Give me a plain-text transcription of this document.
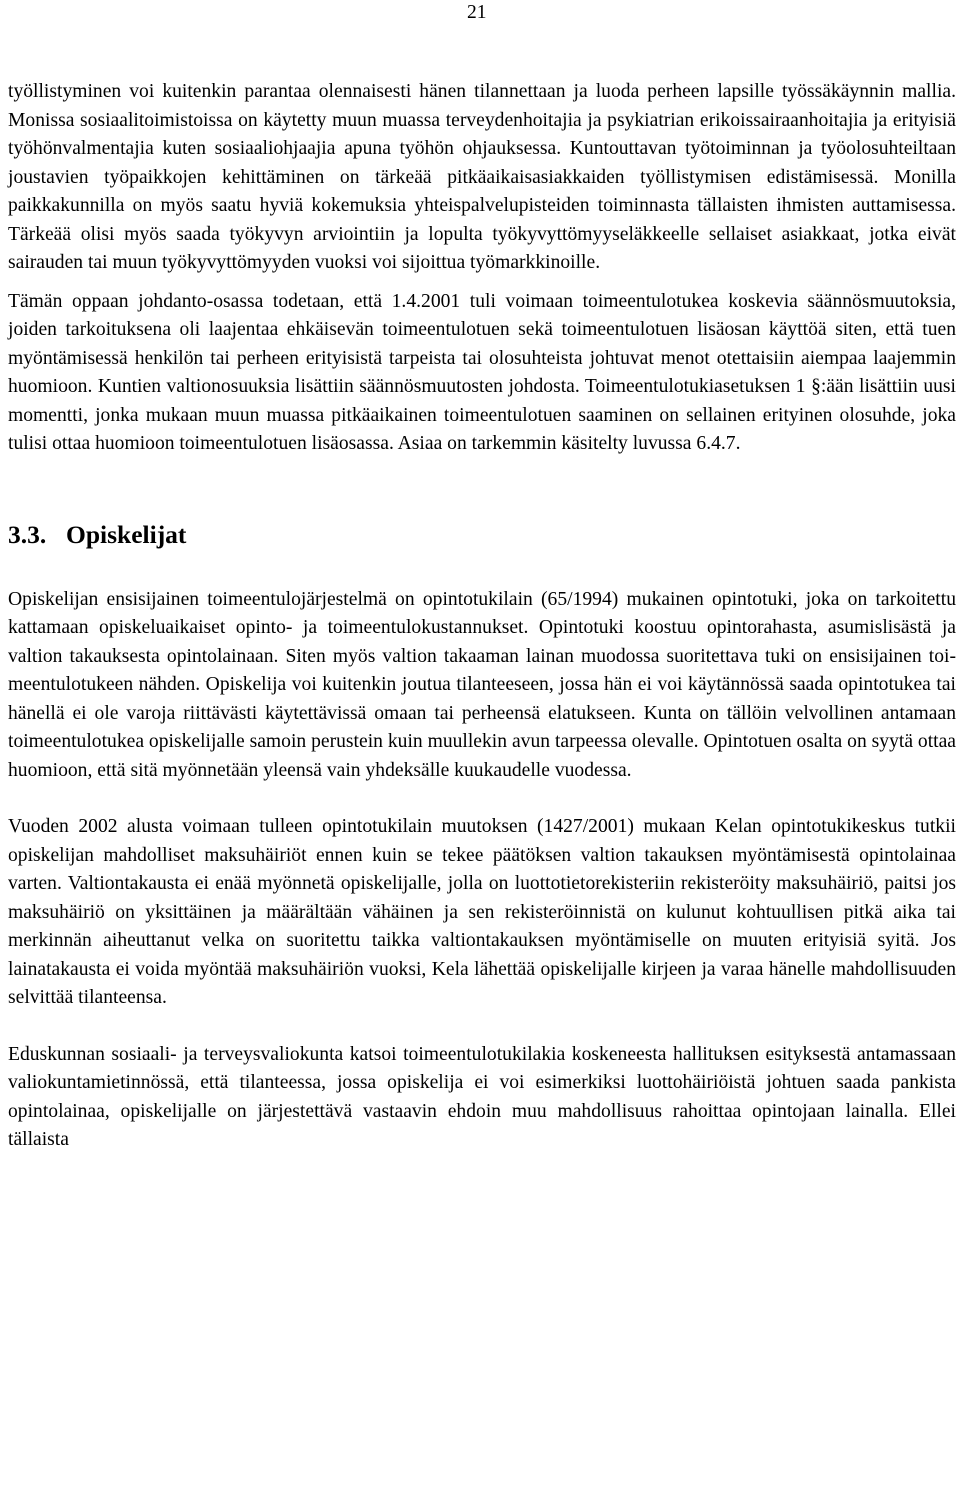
21

työllistyminen voi kuitenkin parantaa olennaisesti hänen tilannettaan ja luoda perheen lapsille työssäkäynnin mallia. Monissa sosiaalitoimistoissa on käytetty muun muassa terveydenhoitajia ja psykiatrian erikoissairaanhoitajia ja erityisiä työhönvalmentajia kuten sosiaaliohjaajia apuna työhön ohjauksessa. Kuntouttavan työtoiminnan ja työolosuhteiltaan joustavien työpaikkojen kehittäminen on tärkeää pitkäaikaisasiakkaiden työllistymisen edistämisessä. Monilla paikkakunnilla on myös saatu hyviä kokemuksia yhteispalvelupisteiden toiminnasta tällaisten ihmisten auttamisessa. Tärkeää olisi myös saada työkyvyn arviointiin ja lopulta työkyvyttömyyseläkkeelle sellaiset asiakkaat, jotka eivät sairauden tai muun työkyvyttömyyden vuoksi voi sijoittua työmarkkinoille.

Tämän oppaan johdanto-osassa todetaan, että 1.4.2001 tuli voimaan toimeentulotukea koskevia säännösmuutoksia, joiden tarkoituksena oli laajentaa ehkäisevän toimeentulotuen sekä toimeentulotuen lisäosan käyttöä siten, että tuen myöntämisessä henkilön tai perheen erityisistä tarpeista tai olosuhteista johtuvat menot otettaisiin aiempaa laajemmin huomioon. Kuntien valtionosuuksia lisättiin säännösmuutosten johdosta. Toimeentulotukiasetuksen 1 §:ään lisättiin uusi momentti, jonka mukaan muun muassa pitkäaikainen toimeentulotuen saaminen on sellainen erityinen olosuhde, joka tulisi ottaa huomioon toimeentulotuen lisäosassa. Asiaa on tarkemmin käsitelty luvussa 6.4.7.

3.3. Opiskelijat

Opiskelijan ensisijainen toimeentulojärjestelmä on opintotukilain (65/1994) mukainen opintotuki, joka on tarkoitettu kattamaan opiskeluaikaiset opinto- ja toimeentulokustannukset. Opintotuki koostuu opintorahasta, asumislisästä ja valtion takauksesta opintolainaan. Siten myös valtion takaaman lainan muodossa suoritettava tuki on ensisijainen toimeentulotukeen nähden. Opiskelija voi kuitenkin joutua tilanteeseen, jossa hän ei voi käytännössä saada opintotukea tai hänellä ei ole varoja riittävästi käytettävissä omaan tai perheensä elatukseen. Kunta on tällöin velvollinen antamaan toimeentulotukea opiskelijalle samoin perustein kuin muullekin avun tarpeessa olevalle. Opintotuen osalta on syytä ottaa huomioon, että sitä myönnetään yleensä vain yhdeksälle kuukaudelle vuodessa.

Vuoden 2002 alusta voimaan tulleen opintotukilain muutoksen (1427/2001) mukaan Kelan opintotukikeskus tutkii opiskelijan mahdolliset maksuhäiriöt ennen kuin se tekee päätöksen valtion takauksen myöntämisestä opintolainaa varten. Valtiontakausta ei enää myönnetä opiskelijalle, jolla on luottotietorekisteriin rekisteröity maksuhäiriö, paitsi jos maksuhäiriö on yksittäinen ja määrältään vähäinen ja sen rekisteröinnistä on kulunut kohtuullisen pitkä aika tai merkinnän aiheuttanut velka on suoritettu taikka valtiontakauksen myöntämiselle on muuten erityisiä syitä. Jos lainatakausta ei voida myöntää maksuhäiriön vuoksi, Kela lähettää opiskelijalle kirjeen ja varaa hänelle mahdollisuuden selvittää tilanteensa.

Eduskunnan sosiaali- ja terveysvaliokunta katsoi toimeentulotukilakia koskeneesta hallituksen esityksestä antamassaan valiokuntamietinnössä, että tilanteessa, jossa opiskelija ei voi esimerkiksi luottohäiriöistä johtuen saada pankista opintolainaa, opiskelijalle on järjestettävä vastaavin ehdoin muu mahdollisuus rahoittaa opintojaan lainalla. Ellei tällaista
